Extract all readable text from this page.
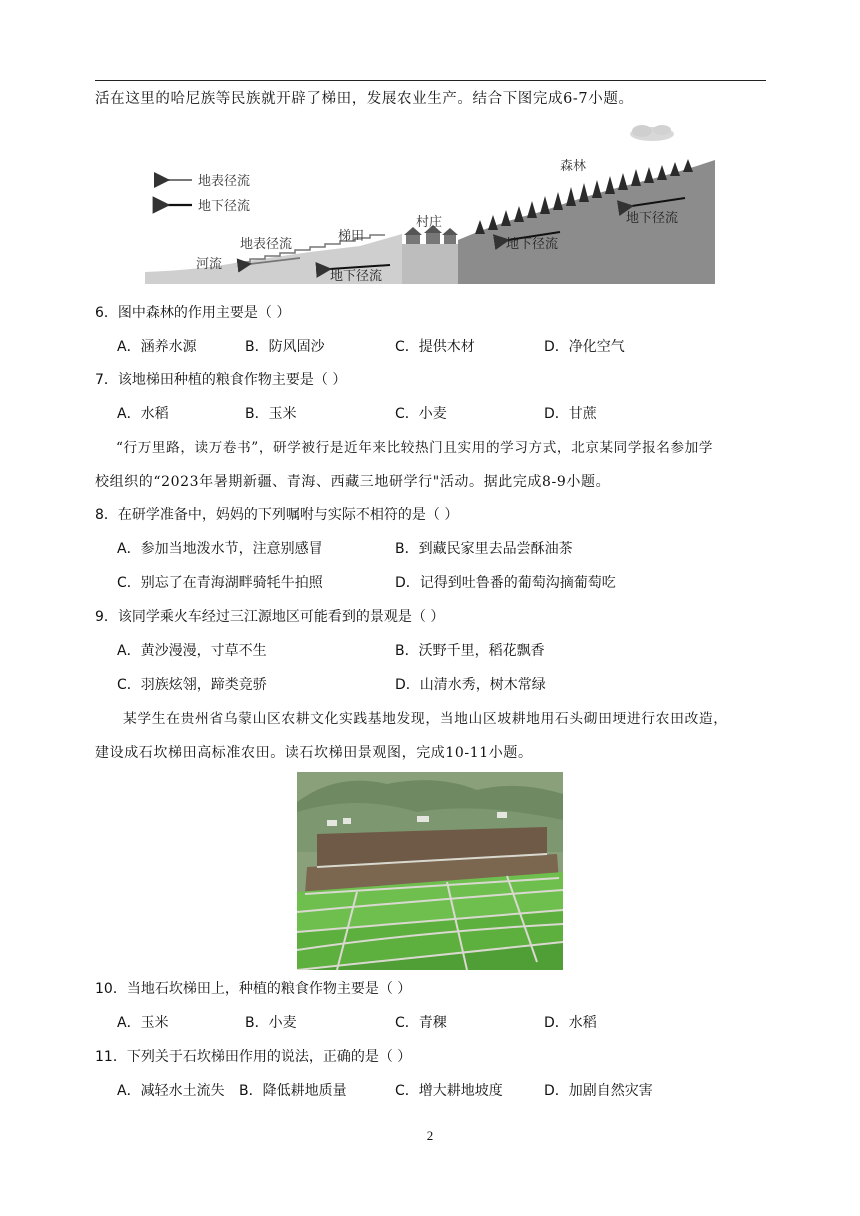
活在这里的哈尼族等民族就开辟了梯田，发展农业生产。结合下图完成6-7小题。
地表径流
地下径流
森林
村庄
梯田
河流
地表径流
地下径流
地下径流
地下径流
6．图中森林的作用主要是（ ）
A．涵养水源	B．防风固沙	C．提供木材	D．净化空气
7．该地梯田种植的粮食作物主要是（ ）
A．水稻	B．玉米	C．小麦	D．甘蔗
“行万里路，读万卷书”，研学被行是近年来比较热门且实用的学习方式，北京某同学报名参加学
校组织的“2023年暑期新疆、青海、西藏三地研学行"活动。据此完成8-9小题。
8．在研学准备中，妈妈的下列嘱咐与实际不相符的是（ ）
A．参加当地泼水节，注意别感冒	B．到藏民家里去品尝酥油茶
C．别忘了在青海湖畔骑牦牛拍照	D．记得到吐鲁番的葡萄沟摘葡萄吃
9．该同学乘火车经过三江源地区可能看到的景观是（ ）
A．黄沙漫漫，寸草不生	B．沃野千里，稻花飘香
C．羽族炫翎，蹄类竞骄	D．山清水秀，树木常绿
某学生在贵州省乌蒙山区农耕文化实践基地发现，当地山区坡耕地用石头砌田埂进行农田改造，
建设成石坎梯田高标准农田。读石坎梯田景观图，完成10-11小题。
10．当地石坎梯田上，种植的粮食作物主要是（ ）
A．玉米	B．小麦	C．青稞	D．水稻
11．下列关于石坎梯田作用的说法，正确的是（ ）
A．减轻水土流失 B．降低耕地质量	C．增大耕地坡度	D．加剧自然灾害
2
